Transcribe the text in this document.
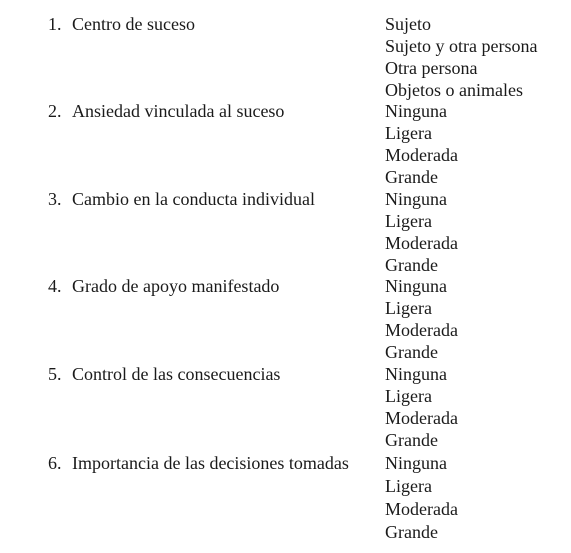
1. Centro de suceso	Sujeto
Sujeto y otra persona
Otra persona
Objetos o animales
2. Ansiedad vinculada al suceso	Ninguna
Ligera
Moderada
Grande
3. Cambio en la conducta individual	Ninguna
Ligera
Moderada
Grande
4. Grado de apoyo manifestado	Ninguna
Ligera
Moderada
Grande
5. Control de las consecuencias	Ninguna
Ligera
Moderada
Grande
6. Importancia de las decisiones tomadas Ninguna
Ligera
Moderada
Grande
